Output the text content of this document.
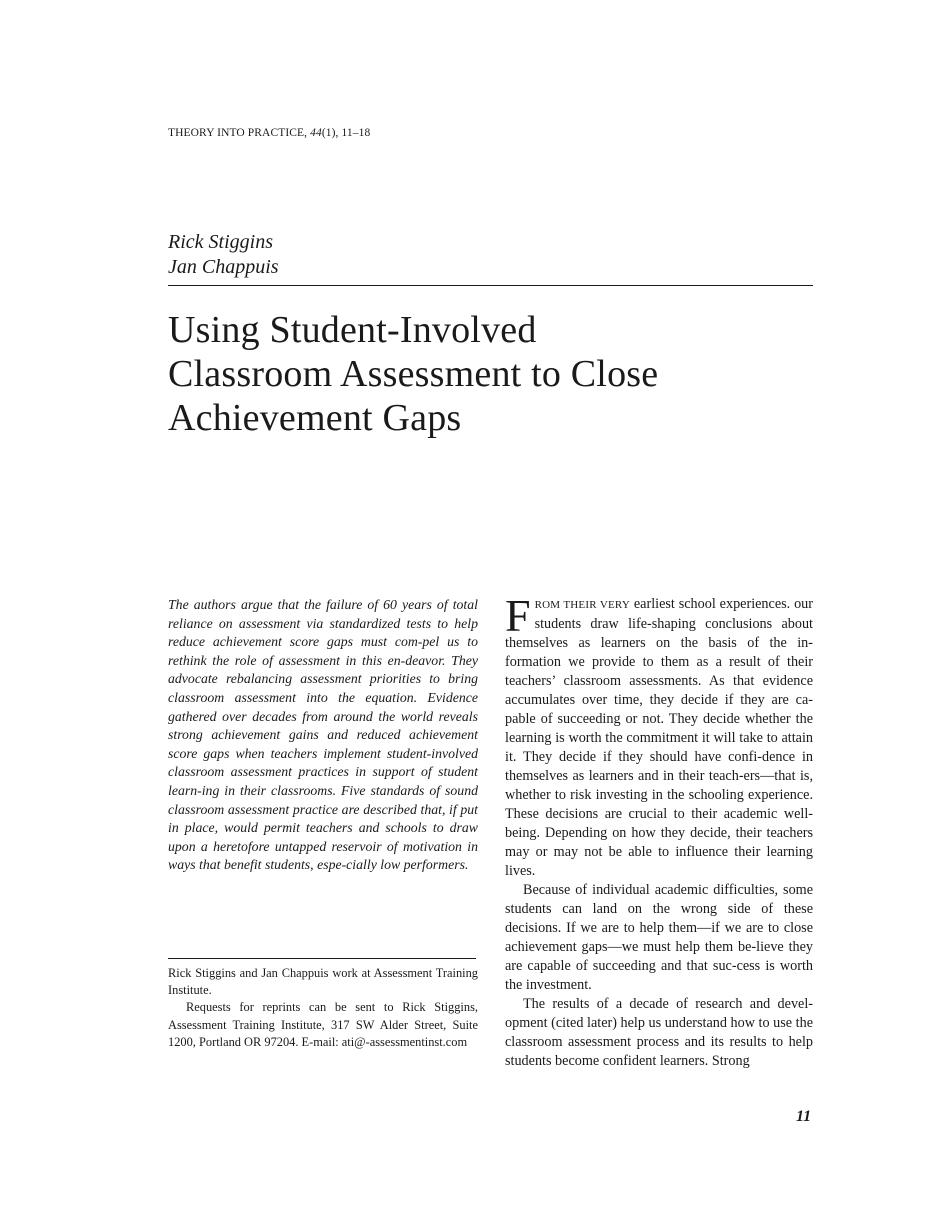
THEORY INTO PRACTICE, 44(1), 11–18
Rick Stiggins
Jan Chappuis
Using Student-Involved
Classroom Assessment to Close
Achievement Gaps
The authors argue that the failure of 60 years of total reliance on assessment via standardized tests to help reduce achievement score gaps must com-pel us to rethink the role of assessment in this en-deavor. They advocate rebalancing assessment priorities to bring classroom assessment into the equation. Evidence gathered over decades from around the world reveals strong achievement gains and reduced achievement score gaps when teachers implement student-involved classroom assessment practices in support of student learn-ing in their classrooms. Five standards of sound classroom assessment practice are described that, if put in place, would permit teachers and schools to draw upon a heretofore untapped reservoir of motivation in ways that benefit students, espe-cially low performers.

Rick Stiggins and Jan Chappuis work at Assessment Training Institute.

Requests for reprints can be sent to Rick Stiggins, Assessment Training Institute, 317 SW Alder Street, Suite 1200, Portland OR 97204. E-mail: ati@-assessmentinst.com

FROM THEIR VERY earliest school experiences. our students draw life-shaping conclusions about themselves as learners on the basis of the in-formation we provide to them as a result of their teachers’ classroom assessments. As that evidence accumulates over time, they decide if they are ca-pable of succeeding or not. They decide whether the learning is worth the commitment it will take to attain it. They decide if they should have confi-dence in themselves as learners and in their teach-ers—that is, whether to risk investing in the schooling experience. These decisions are crucial to their academic well-being. Depending on how they decide, their teachers may or may not be able to influence their learning lives.

Because of individual academic difficulties, some students can land on the wrong side of these decisions. If we are to help them—if we are to close achievement gaps—we must help them be-lieve they are capable of succeeding and that suc-cess is worth the investment.

The results of a decade of research and devel-opment (cited later) help us understand how to use the classroom assessment process and its results to help students become confident learners. Strong

11
